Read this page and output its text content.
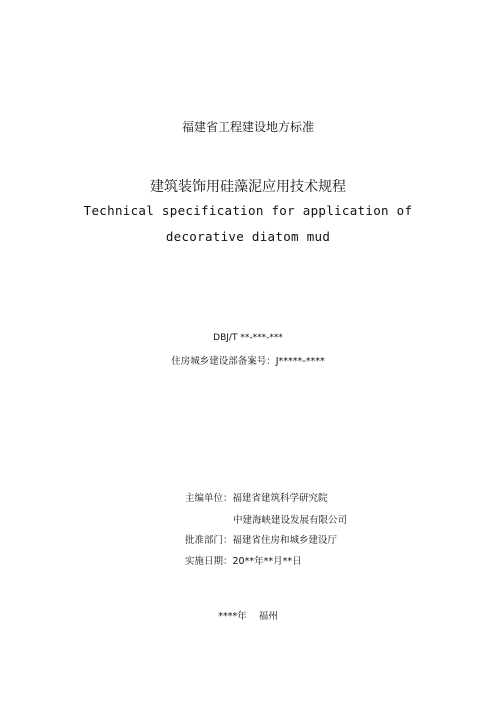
福建省工程建设地方标准
建筑装饰用硅藻泥应用技术规程
Technical specification for application of
decorative diatom mud
DBJ/T **-***-***
住房城乡建设部备案号：J*****-****
主编单位：福建省建筑科学研究院
中建海峡建设发展有限公司
批准部门：福建省住房和城乡建设厅
实施日期：20**年**月**日
****年 福州
